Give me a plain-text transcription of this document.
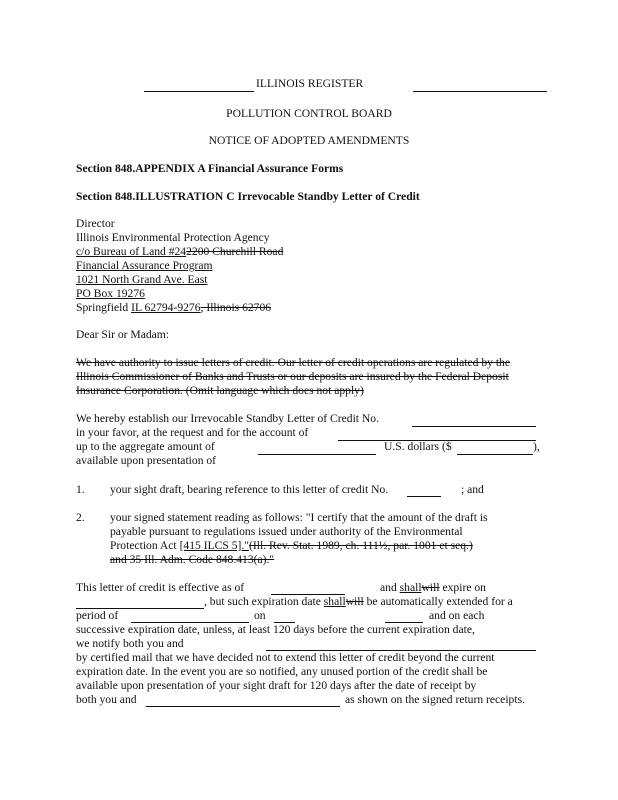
ILLINOIS REGISTER
POLLUTION CONTROL BOARD
NOTICE OF ADOPTED AMENDMENTS
Section 848.APPENDIX A Financial Assurance Forms
Section 848.ILLUSTRATION C Irrevocable Standby Letter of Credit
Director
Illinois Environmental Protection Agency
c/o Bureau of Land #242200 Churchill Road
Financial Assurance Program
1021 North Grand Ave. East
PO Box 19276
Springfield IL 62794-9276, Illinois 62706
Dear Sir or Madam:
We have authority to issue letters of credit. Our letter of credit operations are regulated by the
Illinois Commissioner of Banks and Trusts or our deposits are insured by the Federal Deposit
Insurance Corporation. (Omit language which does not apply)
We hereby establish our Irrevocable Standby Letter of Credit No.
in your favor, at the request and for the account of
up to the aggregate amount of	U.S. dollars ($	),
available upon presentation of
1. your sight draft, bearing reference to this letter of credit No.	; and
2. your signed statement reading as follows: "I certify that the amount of the draft is
payable pursuant to regulations issued under authority of the Environmental
Protection Act [415 ILCS 5]."(Ill. Rev. Stat. 1989, ch. 111½, par. 1001 et seq.)
and 35 Ill. Adm. Code 848.413(a)."
This letter of credit is effective as of	and shallwill expire on
, but such expiration date shallwill be automatically extended for a
period of	on	and on each
successive expiration date, unless, at least 120 days before the current expiration date,
we notify both you and
by certified mail that we have decided not to extend this letter of credit beyond the current
expiration date. In the event you are so notified, any unused portion of the credit shall be
available upon presentation of your sight draft for 120 days after the date of receipt by
both you and	as shown on the signed return receipts.
